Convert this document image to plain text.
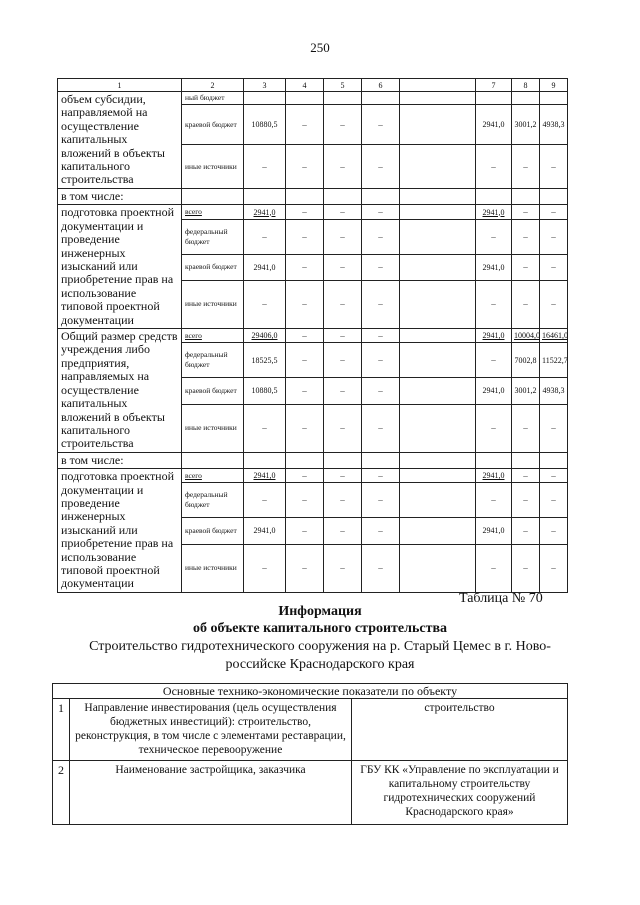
250
1	2	3	4	5	6		7	8	9
объем субсидии, направляемой на осуществление капитальных вложений в объекты капитального строительства	ный бюджет								
	краевой бюджет	10880,5	–	–	–		2941,0	3001,2	4938,3
	иные источники	–	–	–	–		–	–	–
в том числе:									
подготовка проектной документации и проведение инженерных изысканий или приобретение прав на использование типовой проектной документации	всего	2941,0	–	–	–		2941,0	–	–
	федеральный бюджет	–	–	–	–		–	–	–
	краевой бюджет	2941,0	–	–	–		2941,0	–	–
	иные источники	–	–	–	–		–	–	–
Общий размер средств учреждения либо предприятия, направляемых на осуществление капитальных вложений в объекты капитального строительства	всего	29406,0	–	–	–		2941,0	10004,0	16461,0
	федеральный бюджет	18525,5	–	–	–		–	7002,8	11522,7
	краевой бюджет	10880,5	–	–	–		2941,0	3001,2	4938,3
	иные источники	–	–	–	–		–	–	–
в том числе:									
подготовка проектной документации и проведение инженерных изысканий или приобретение прав на использование типовой проектной документации	всего	2941,0	–	–	–		2941,0	–	–
	федеральный бюджет	–	–	–	–		–	–	–
	краевой бюджет	2941,0	–	–	–		2941,0	–	–
	иные источники	–	–	–	–		–	–	–
Таблица № 70
Информация
об объекте капитального строительства
Строительство гидротехнического сооружения на р. Старый Цемес в г. Ново-
российске Краснодарского края
Основные технико-экономические показатели по объекту		
1	Направление инвестирования (цель осуществления бюджетных инвестиций): строительство, реконструкция, в том числе с элементами реставрации, техническое перевооружение	строительство
2	Наименование застройщика, заказчика	ГБУ КК «Управление по эксплуатации и капитальному строительству гидротехнических сооружений Краснодарского края»
